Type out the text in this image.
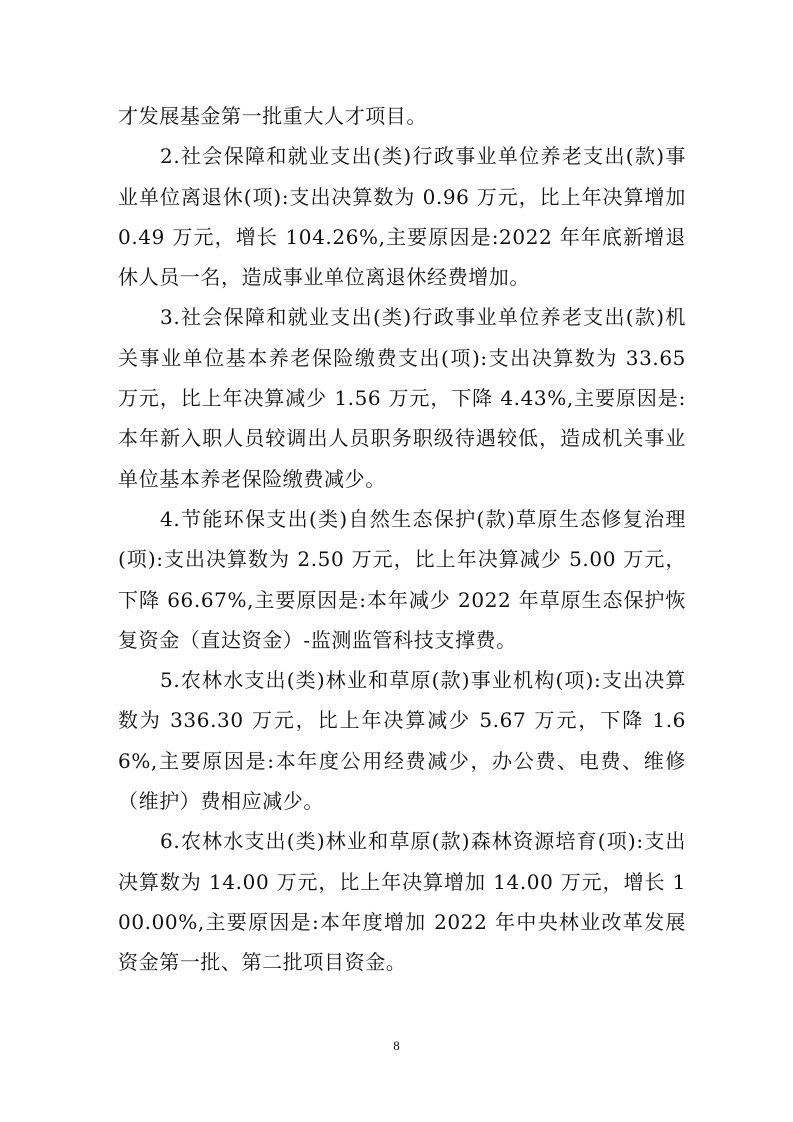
才发展基金第一批重大人才项目。

2.社会保障和就业支出(类)行政事业单位养老支出(款)事业单位离退休(项):支出决算数为 0.96 万元，比上年决算增加 0.49 万元，增长 104.26%,主要原因是:2022 年年底新增退休人员一名，造成事业单位离退休经费增加。

3.社会保障和就业支出(类)行政事业单位养老支出(款)机关事业单位基本养老保险缴费支出(项):支出决算数为 33.65 万元，比上年决算减少 1.56 万元，下降 4.43%,主要原因是:本年新入职人员较调出人员职务职级待遇较低，造成机关事业单位基本养老保险缴费减少。

4.节能环保支出(类)自然生态保护(款)草原生态修复治理(项):支出决算数为 2.50 万元，比上年决算减少 5.00 万元，下降 66.67%,主要原因是:本年减少 2022 年草原生态保护恢复资金（直达资金）-监测监管科技支撑费。

5.农林水支出(类)林业和草原(款)事业机构(项):支出决算数为 336.30 万元，比上年决算减少 5.67 万元，下降 1.66%,主要原因是:本年度公用经费减少，办公费、电费、维修（维护）费相应减少。

6.农林水支出(类)林业和草原(款)森林资源培育(项):支出决算数为 14.00 万元，比上年决算增加 14.00 万元，增长 100.00%,主要原因是:本年度增加 2022 年中央林业改革发展资金第一批、第二批项目资金。

8
